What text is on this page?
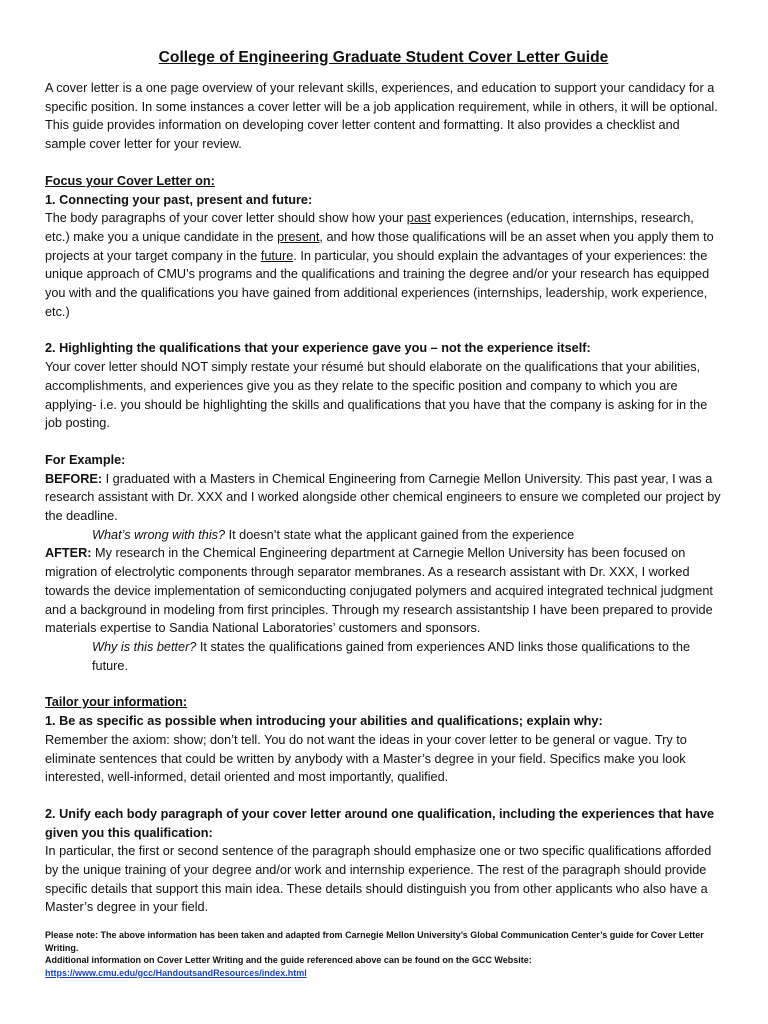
College of Engineering Graduate Student Cover Letter Guide

A cover letter is a one page overview of your relevant skills, experiences, and education to support your candidacy for a specific position. In some instances a cover letter will be a job application requirement, while in others, it will be optional. This guide provides information on developing cover letter content and formatting. It also provides a checklist and sample cover letter for your review.

Focus your Cover Letter on:

1. Connecting your past, present and future:

The body paragraphs of your cover letter should show how your past experiences (education, internships, research, etc.) make you a unique candidate in the present, and how those qualifications will be an asset when you apply them to projects at your target company in the future. In particular, you should explain the advantages of your experiences: the unique approach of CMU’s programs and the qualifications and training the degree and/or your research has equipped you with and the qualifications you have gained from additional experiences (internships, leadership, work experience, etc.)

2. Highlighting the qualifications that your experience gave you – not the experience itself:

Your cover letter should NOT simply restate your résumé but should elaborate on the qualifications that your abilities, accomplishments, and experiences give you as they relate to the specific position and company to which you are applying- i.e. you should be highlighting the skills and qualifications that you have that the company is asking for in the job posting.

For Example:

BEFORE: I graduated with a Masters in Chemical Engineering from Carnegie Mellon University. This past year, I was a research assistant with Dr. XXX and I worked alongside other chemical engineers to ensure we completed our project by the deadline.

What’s wrong with this? It doesn’t state what the applicant gained from the experience

AFTER: My research in the Chemical Engineering department at Carnegie Mellon University has been focused on migration of electrolytic components through separator membranes. As a research assistant with Dr. XXX, I worked towards the device implementation of semiconducting conjugated polymers and acquired integrated technical judgment and a background in modeling from first principles. Through my research assistantship I have been prepared to provide materials expertise to Sandia National Laboratories’ customers and sponsors.

Why is this better? It states the qualifications gained from experiences AND links those qualifications to the future.

Tailor your information:

1. Be as specific as possible when introducing your abilities and qualifications; explain why:

Remember the axiom: show; don’t tell. You do not want the ideas in your cover letter to be general or vague. Try to eliminate sentences that could be written by anybody with a Master’s degree in your field. Specifics make you look interested, well-informed, detail oriented and most importantly, qualified.

2. Unify each body paragraph of your cover letter around one qualification, including the experiences that have given you this qualification:

In particular, the first or second sentence of the paragraph should emphasize one or two specific qualifications afforded by the unique training of your degree and/or work and internship experience. The rest of the paragraph should provide specific details that support this main idea. These details should distinguish you from other applicants who also have a Master’s degree in your field.

Please note: The above information has been taken and adapted from Carnegie Mellon University’s Global Communication Center’s guide for Cover Letter Writing.
Additional information on Cover Letter Writing and the guide referenced above can be found on the GCC Website:
https://www.cmu.edu/gcc/HandoutsandResources/index.html
